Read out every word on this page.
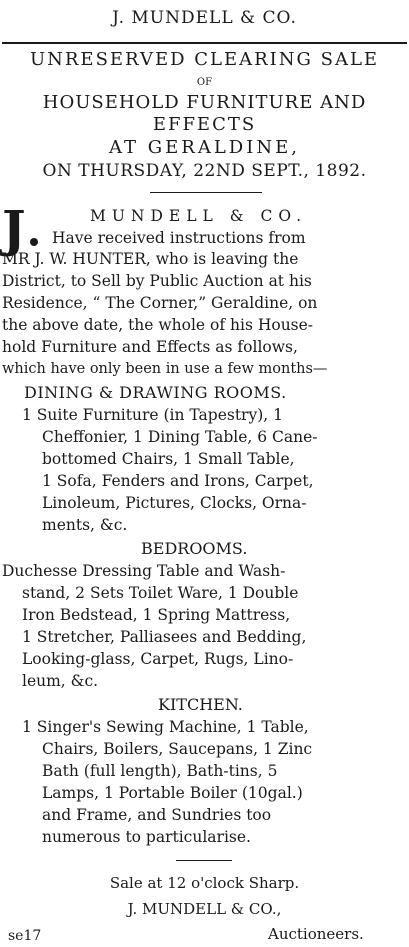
J. MUNDELL & CO.
UNRESERVED CLEARING SALE
OF
HOUSEHOLD FURNITURE AND
EFFECTS
AT GERALDINE,
ON THURSDAY, 22ND SEPT., 1892.
J	MUNDELL & CO.
Have received instructions from
MR J. W. HUNTER, who is leaving the
District, to Sell by Public Auction at his
Residence, “ The Corner,” Geraldine, on
the above date, the whole of his House-
hold Furniture and Effects as follows,
which have only been in use a few months—
DINING & DRAWING ROOMS.
1 Suite Furniture (in Tapestry), 1
Cheffonier, 1 Dining Table, 6 Cane-
bottomed Chairs, 1 Small Table,
1 Sofa, Fenders and Irons, Carpet,
Linoleum, Pictures, Clocks, Orna-
ments, &c.
BEDROOMS.
Duchesse Dressing Table and Wash-
stand, 2 Sets Toilet Ware, 1 Double
Iron Bedstead, 1 Spring Mattress,
1 Stretcher, Palliasees and Bedding,
Looking-glass, Carpet, Rugs, Lino-
leum, &c.
KITCHEN.
1 Singer's Sewing Machine, 1 Table,
Chairs, Boilers, Saucepans, 1 Zinc
Bath (full length), Bath-tins, 5
Lamps, 1 Portable Boiler (10gal.)
and Frame, and Sundries too
numerous to particularise.
Sale at 12 o'clock Sharp.
J. MUNDELL & CO.,
Auctioneers.
se17
